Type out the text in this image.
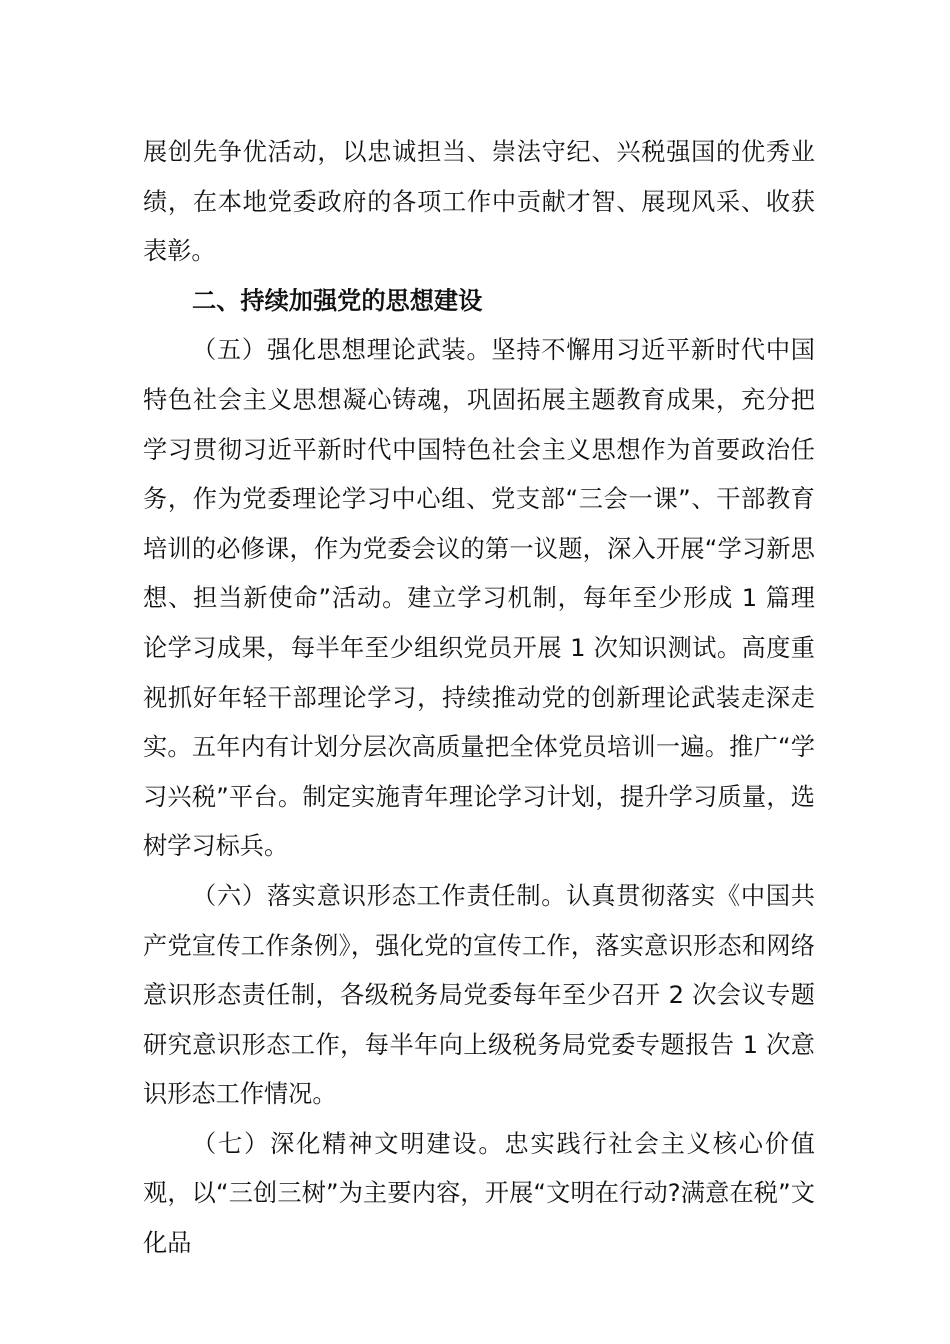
展创先争优活动，以忠诚担当、崇法守纪、兴税强国的优秀业绩，在本地党委政府的各项工作中贡献才智、展现风采、收获表彰。

二、持续加强党的思想建设

（五）强化思想理论武装。坚持不懈用习近平新时代中国特色社会主义思想凝心铸魂，巩固拓展主题教育成果，充分把学习贯彻习近平新时代中国特色社会主义思想作为首要政治任务，作为党委理论学习中心组、党支部“三会一课”、干部教育培训的必修课，作为党委会议的第一议题，深入开展“学习新思想、担当新使命”活动。建立学习机制，每年至少形成 1 篇理论学习成果，每半年至少组织党员开展 1 次知识测试。高度重视抓好年轻干部理论学习，持续推动党的创新理论武装走深走实。五年内有计划分层次高质量把全体党员培训一遍。推广“学习兴税”平台。制定实施青年理论学习计划，提升学习质量，选树学习标兵。

（六）落实意识形态工作责任制。认真贯彻落实《中国共产党宣传工作条例》，强化党的宣传工作，落实意识形态和网络意识形态责任制，各级税务局党委每年至少召开 2 次会议专题研究意识形态工作，每半年向上级税务局党委专题报告 1 次意识形态工作情况。

（七）深化精神文明建设。忠实践行社会主义核心价值观，以“三创三树”为主要内容，开展“文明在行动?满意在税”文化品
